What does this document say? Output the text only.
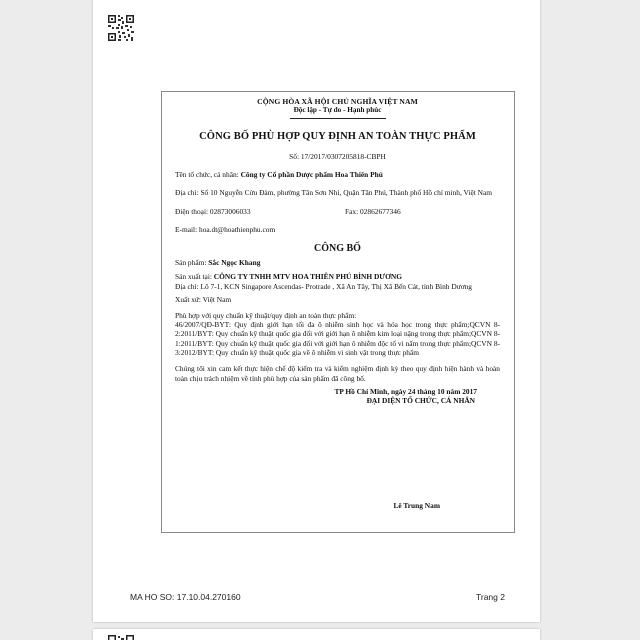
CỘNG HÒA XÃ HỘI CHỦ NGHĨA VIỆT NAM
Độc lập - Tự do - Hạnh phúc
CÔNG BỐ PHÙ HỢP QUY ĐỊNH AN TOÀN THỰC PHẨM
Số: 17/2017/0307205818-CBPH
Tên tổ chức, cá nhân: Công ty Cổ phần Dược phẩm Hoa Thiên Phú
Địa chỉ: Số 10 Nguyễn Cửu Đàm, phường Tân Sơn Nhì, Quận Tân Phú, Thành phố Hồ chí minh, Việt Nam
Điện thoại: 02873006033	Fax: 02862677346
E-mail: hoa.dt@hoathienphu.com
CÔNG BỐ
Sản phẩm: Sắc Ngọc Khang
Sản xuất tại: CÔNG TY TNHH MTV HOA THIÊN PHÚ BÌNH DƯƠNG
Địa chỉ: Lô 7-1, KCN Singapore Ascendas- Protrade , Xã An Tây, Thị Xã Bến Cát, tỉnh Bình Dương
Xuất xứ: Việt Nam
Phù hợp với quy chuẩn kỹ thuật/quy định an toàn thực phẩm:
46/2007/QĐ-BYT: Quy định giới hạn tối đa ô nhiễm sinh học và hóa học trong thực phẩm;QCVN 8-2:2011/BYT: Quy chuẩn kỹ thuật quốc gia đối với giới hạn ô nhiễm kim loại nặng trong thực phẩm;QCVN 8-1:2011/BYT: Quy chuẩn kỹ thuật quốc gia đối với giới hạn ô nhiễm độc tố vi nấm trong thực phẩm;QCVN 8-3:2012/BYT: Quy chuẩn kỹ thuật quốc gia về ô nhiễm vi sinh vật trong thực phẩm
Chúng tôi xin cam kết thực hiện chế độ kiểm tra và kiểm nghiệm định kỳ theo quy định hiện hành và hoàn toàn chịu trách nhiệm về tính phù hợp của sản phẩm đã công bố.
TP Hồ Chí Minh, ngày 24 tháng 10 năm 2017
ĐẠI DIỆN TỔ CHỨC, CÁ NHÂN
Lê Trung Nam
MA HO SO: 17.10.04.270160	Trang 2
